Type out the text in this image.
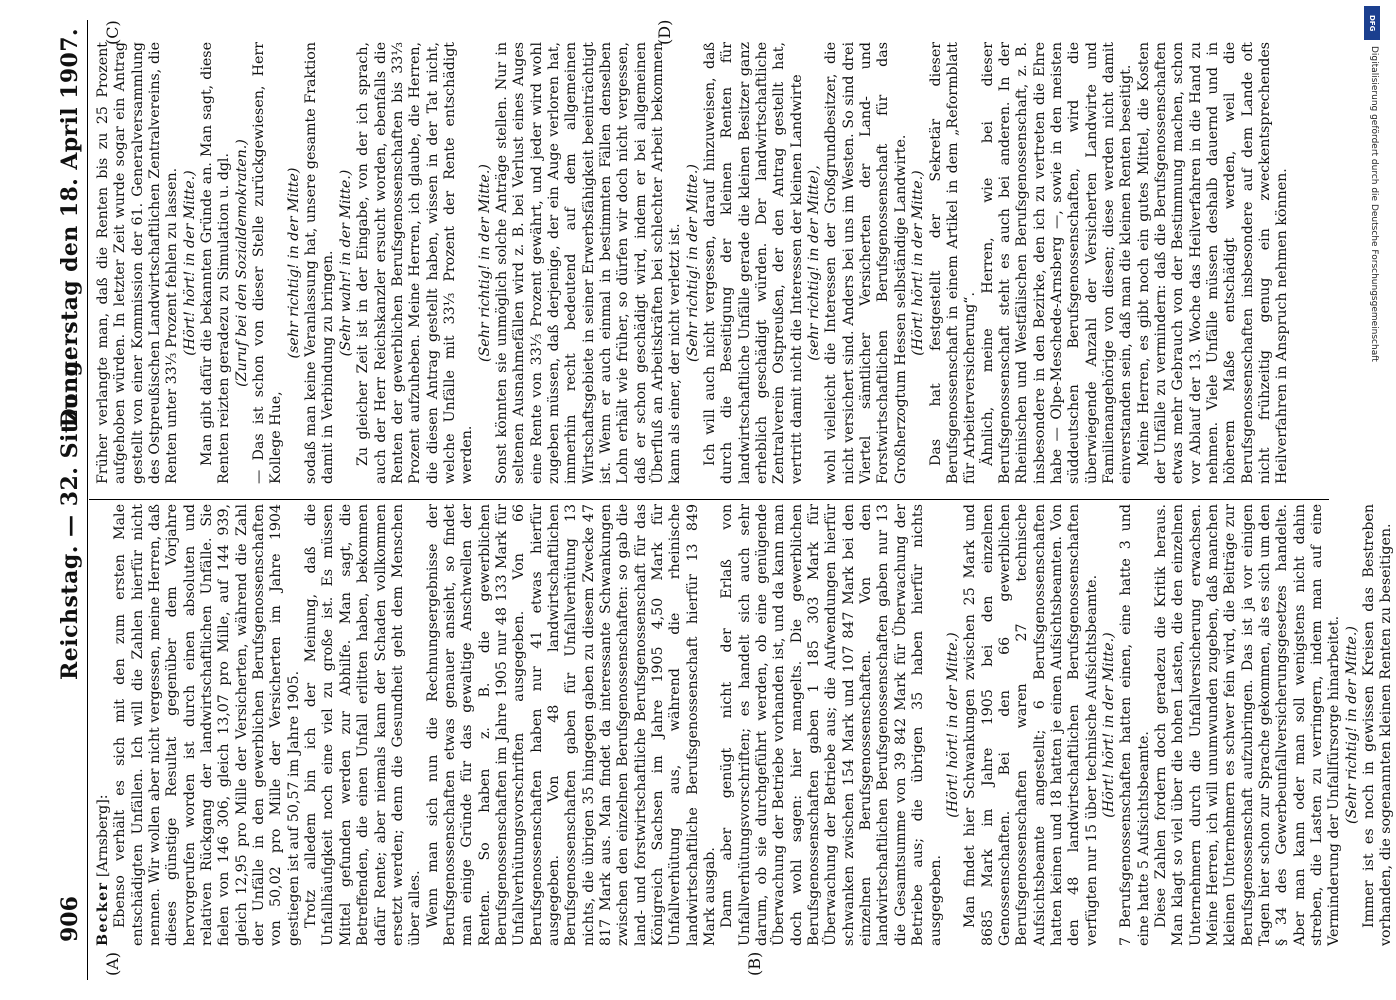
DFG
Digitalisierung gefördert durch die Deutsche Forschungsgemeinschaft
906
Reichstag. — 32. Sitzung.
Donnerstag den 18. April 1907.
(A)	(B)
(C)	(D)

Becker [Arnsberg]: Ebenso verhält es sich mit den zum ersten Male entschädigten Unfällen. Ich will die Zahlen hierfür nicht nennen. Wir wollen aber nicht vergessen, meine Herren, daß dieses günstige Resultat gegenüber dem Vorjahre hervorgerufen worden ist durch einen absoluten und relativen Rückgang der landwirtschaftlichen Unfälle. Sie fielen von 146 306, gleich 13,07 pro Mille, auf 144 939, gleich 12,95 pro Mille der Versicherten, während die Zahl der Unfälle in den gewerblichen Berufsgenossenschaften von 50,02 pro Mille der Versicherten im Jahre 1904 gestiegen ist auf 50,57 im Jahre 1905. Trotz alledem bin ich der Meinung, daß die Unfallhäufigkeit noch eine viel zu große ist. Es müssen Mittel gefunden werden zur Abhilfe. Man sagt, die Betreffenden, die einen Unfall erlitten haben, bekommen dafür Rente; aber niemals kann der Schaden vollkommen ersetzt werden; denn die Gesundheit geht dem Menschen über alles. Wenn man sich nun die Rechnungsergebnisse der Berufsgenossenschaften etwas genauer ansieht, so findet man einige Gründe für das gewaltige Anschwellen der Renten. So haben z. B. die gewerblichen Berufsgenossenschaften im Jahre 1905 nur 48 133 Mark für Unfallverhütungsvorschriften ausgegeben. Von 66 Berufsgenossenschaften haben nur 41 etwas hierfür ausgegeben. Von 48 landwirtschaftlichen Berufsgenossenschaften gaben für Unfallverhütung 13 nichts, die übrigen 35 hingegen gaben zu diesem Zwecke 47 817 Mark aus. Man findet da interessante Schwankungen zwischen den einzelnen Berufsgenossenschaften: so gab die land- und forstwirtschaftliche Berufsgenossenschaft für das Königreich Sachsen im Jahre 1905 4,50 Mark für Unfallverhütung aus, während die rheinische landwirtschaftliche Berufsgenossenschaft hierfür 13 849 Mark ausgab. Dann aber genügt nicht der Erlaß von Unfallverhütungsvorschriften; es handelt sich auch sehr darum, ob sie durchgeführt werden, ob eine genügende Überwachung der Betriebe vorhanden ist, und da kann man doch wohl sagen: hier mangelts. Die gewerblichen Berufsgenossenschaften gaben 1 185 303 Mark für Überwachung der Betriebe aus; die Aufwendungen hierfür schwanken zwischen 154 Mark und 107 847 Mark bei den einzelnen Berufsgenossenschaften. Von den landwirtschaftlichen Berufsgenossenschaften gaben nur 13 die Gesamtsumme von 39 842 Mark für Überwachung der Betriebe aus; die übrigen 35 haben hierfür nichts ausgegeben.

(Hört! hört! in der Mitte.) Man findet hier Schwankungen zwischen 25 Mark und 8685 Mark im Jahre 1905 bei den einzelnen Genossenschaften. Bei den 66 gewerblichen Berufsgenossenschaften waren 27 technische Aufsichtsbeamte angestellt; 6 Berufsgenossenschaften hatten keinen und 18 hatten je einen Aufsichtsbeamten. Von den 48 landwirtschaftlichen Berufsgenossenschaften verfügten nur 15 über technische Aufsichtsbeamte. (Hört! hört! in der Mitte.) 7 Berufsgenossenschaften hatten einen, eine hatte 3 und eine hatte 5 Aufsichtsbeamte. Diese Zahlen fordern doch geradezu die Kritik heraus. Man klagt so viel über die hohen Lasten, die den einzelnen Unternehmern durch die Unfallversicherung erwachsen. Meine Herren, ich will unumwunden zugeben, daß manchen kleinen Unternehmern es schwer fein wird, die Beiträge zur Berufsgenossenschaft aufzubringen. Das ist ja vor einigen Tagen hier schon zur Sprache gekommen, als es sich um den § 34 des Gewerbeunfallversicherungsgesetzes handelte. Aber man kann oder man soll wenigstens nicht dahin streben, die Lasten zu verringern, indem man auf eine Verminderung der Unfallfürsorge hinarbeitet. (Sehr richtig! in der Mitte.) Immer ist es noch in gewissen Kreisen das Bestreben vorhanden, die sogenannten kleinen Renten zu beseitigen.

Früher verlangte man, daß die Renten bis zu 25 Prozent aufgehoben würden. In letzter Zeit wurde sogar ein Antrag gestellt von einer Kommission der 61. Generalversammlung des Ostpreußischen Landwirtschaftlichen Zentralvereins, die Renten unter 33⅓ Prozent fehlen zu lassen. (Hört! hört! in der Mitte.) Man gibt dafür die bekannten Gründe an. Man sagt, diese Renten reizten geradezu zu Simulation u. dgl. (Zuruf bei den Sozialdemokraten.) — Das ist schon von dieser Stelle zurückgewiesen, Herr Kollege Hue,

(sehr richtig! in der Mitte) sodaß man keine Veranlassung hat, unsere gesamte Fraktion damit in Verbindung zu bringen. (Sehr wahr! in der Mitte.) Zu gleicher Zeit ist in der Eingabe, von der ich sprach, auch der Herr Reichskanzler ersucht worden, ebenfalls die Renten der gewerblichen Berufsgenossenschaften bis 33⅓ Prozent aufzuheben. Meine Herren, ich glaube, die Herren, die diesen Antrag gestellt haben, wissen in der Tat nicht, welche Unfälle mit 33⅓ Prozent der Rente entschädigt werden.

(Sehr richtig! in der Mitte.) Sonst könnten sie unmöglich solche Anträge stellen. Nur in seltenen Ausnahmefällen wird z. B. bei Verlust eines Auges eine Rente von 33⅓ Prozent gewährt, und jeder wird wohl zugeben müssen, daß derjenige, der ein Auge verloren hat, immerhin recht bedeutend auf dem allgemeinen Wirtschaftsgebiete in seiner Erwerbsfähigkeit beeinträchtigt ist. Wenn er auch einmal in bestimmten Fällen denselben Lohn erhält wie früher, so dürfen wir doch nicht vergessen, daß er schon geschädigt wird, indem er bei allgemeinen Überfluß an Arbeitskräften bei schlechter Arbeit bekommen kann als einer, der nicht verletzt ist. (Sehr richtig! in der Mitte.) Ich will auch nicht vergessen, darauf hinzuweisen, daß durch die Beseitigung der kleinen Renten für landwirtschaftliche Unfälle gerade die kleinen Besitzer ganz erheblich geschädigt würden. Der landwirtschaftliche Zentralverein Ostpreußen, der den Antrag gestellt hat, vertritt damit nicht die Interessen der kleinen Landwirte (sehr richtig! in der Mitte), wohl vielleicht die Interessen der Großgrundbesitzer, die nicht versichert sind. Anders bei uns im Westen. So sind drei Viertel sämtlicher Versicherten der Land- und Forstwirtschaftlichen Berufsgenossenschaft für das Großherzogtum Hessen selbständige Landwirte. (Hört! hört! in der Mitte.) Das hat festgestellt der Sekretär dieser Berufsgenossenschaft in einem Artikel in dem „Reformblatt für Arbeiterversicherung“. Ähnlich, meine Herren, wie bei dieser Berufsgenossenschaft steht es auch bei anderen. In der Rheinischen und Westfälischen Berufsgenossenschaft, z. B. insbesondere in den Bezirke, den ich zu vertreten die Ehre habe — Olpe-Meschede-Arnsberg —, sowie in den meisten süddeutschen Berufsgenossenschaften, wird die überwiegende Anzahl der Versicherten Landwirte und Familienangehörige von diesen; diese werden nicht damit einverstanden sein, daß man die kleinen Renten beseitigt. Meine Herren, es gibt noch ein gutes Mittel, die Kosten der Unfälle zu vermindern: daß die Berufsgenossenschaften etwas mehr Gebrauch von der Bestimmung machen, schon vor Ablauf der 13. Woche das Heilverfahren in die Hand zu nehmen. Viele Unfälle müssen deshalb dauernd und in höherem Maße entschädigt werden, weil die Berufsgenossenschaften insbesondere auf dem Lande oft nicht frühzeitig genug ein zweckentsprechendes Heilverfahren in Anspruch nehmen können.
